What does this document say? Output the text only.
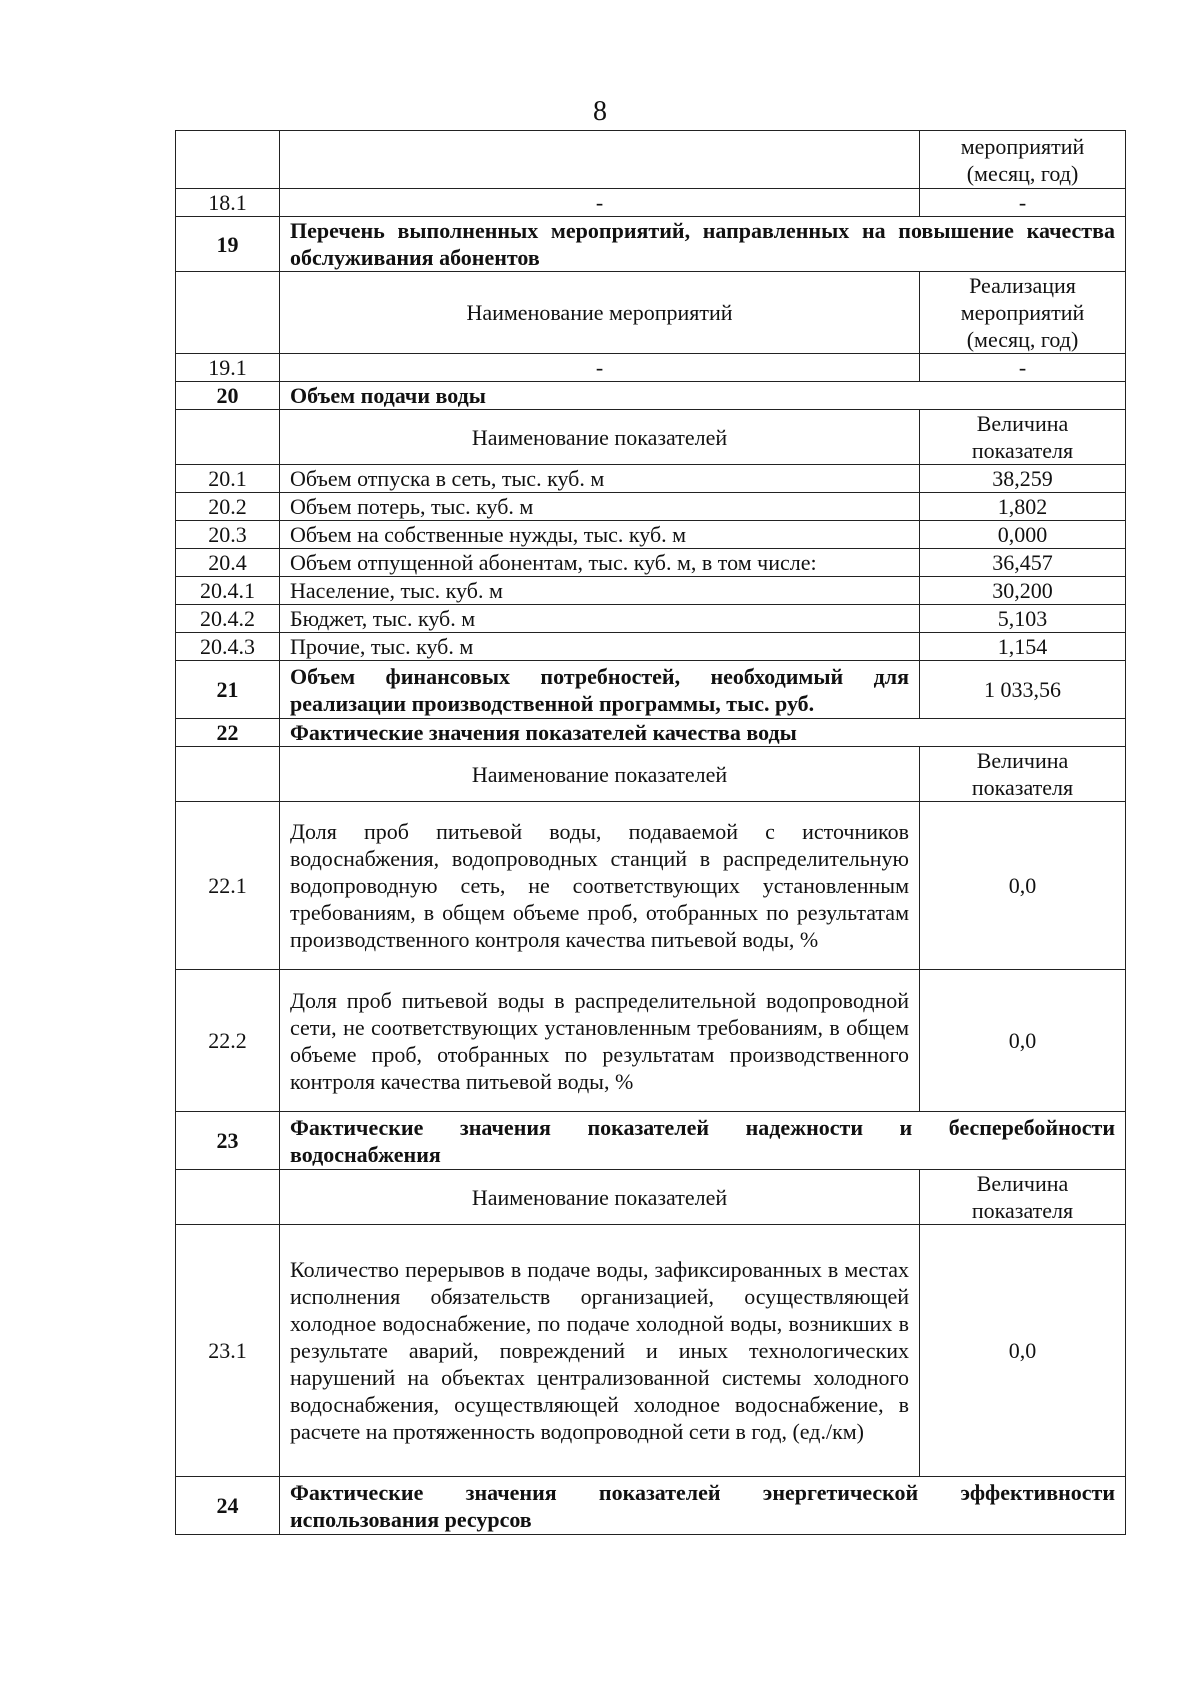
8
		мероприятий (месяц, год)
18.1	-	-
19	Перечень выполненных мероприятий, направленных на повышение качества обслуживания абонентов	
	Наименование мероприятий	Реализация мероприятий (месяц, год)
19.1	-	-
20	Объем подачи воды	
	Наименование показателей	Величина показателя
20.1	Объем отпуска в сеть, тыс. куб. м	38,259
20.2	Объем потерь, тыс. куб. м	1,802
20.3	Объем на собственные нужды, тыс. куб. м	0,000
20.4	Объем отпущенной абонентам, тыс. куб. м, в том числе:	36,457
20.4.1	Население, тыс. куб. м	30,200
20.4.2	Бюджет, тыс. куб. м	5,103
20.4.3	Прочие, тыс. куб. м	1,154
21	Объем финансовых потребностей, необходимый для реализации производственной программы, тыс. руб.	1 033,56
22	Фактические значения показателей качества воды	
	Наименование показателей	Величина показателя
22.1	Доля проб питьевой воды, подаваемой с источников водоснабжения, водопроводных станций в распределительную водопроводную сеть, не соответствующих установленным требованиям, в общем объеме проб, отобранных по результатам производственного контроля качества питьевой воды, %	0,0
22.2	Доля проб питьевой воды в распределительной водопроводной сети, не соответствующих установленным требованиям, в общем объеме проб, отобранных по результатам производственного контроля качества питьевой воды, %	0,0
23	Фактические значения показателей надежности и бесперебойности водоснабжения	
	Наименование показателей	Величина показателя
23.1	Количество перерывов в подаче воды, зафиксированных в местах исполнения обязательств организацией, осуществляющей холодное водоснабжение, по подаче холодной воды, возникших в результате аварий, повреждений и иных технологических нарушений на объектах централизованной системы холодного водоснабжения, осуществляющей холодное водоснабжение, в расчете на протяженность водопроводной сети в год, (ед./км)	0,0
24	Фактические значения показателей энергетической эффективности использования ресурсов	
